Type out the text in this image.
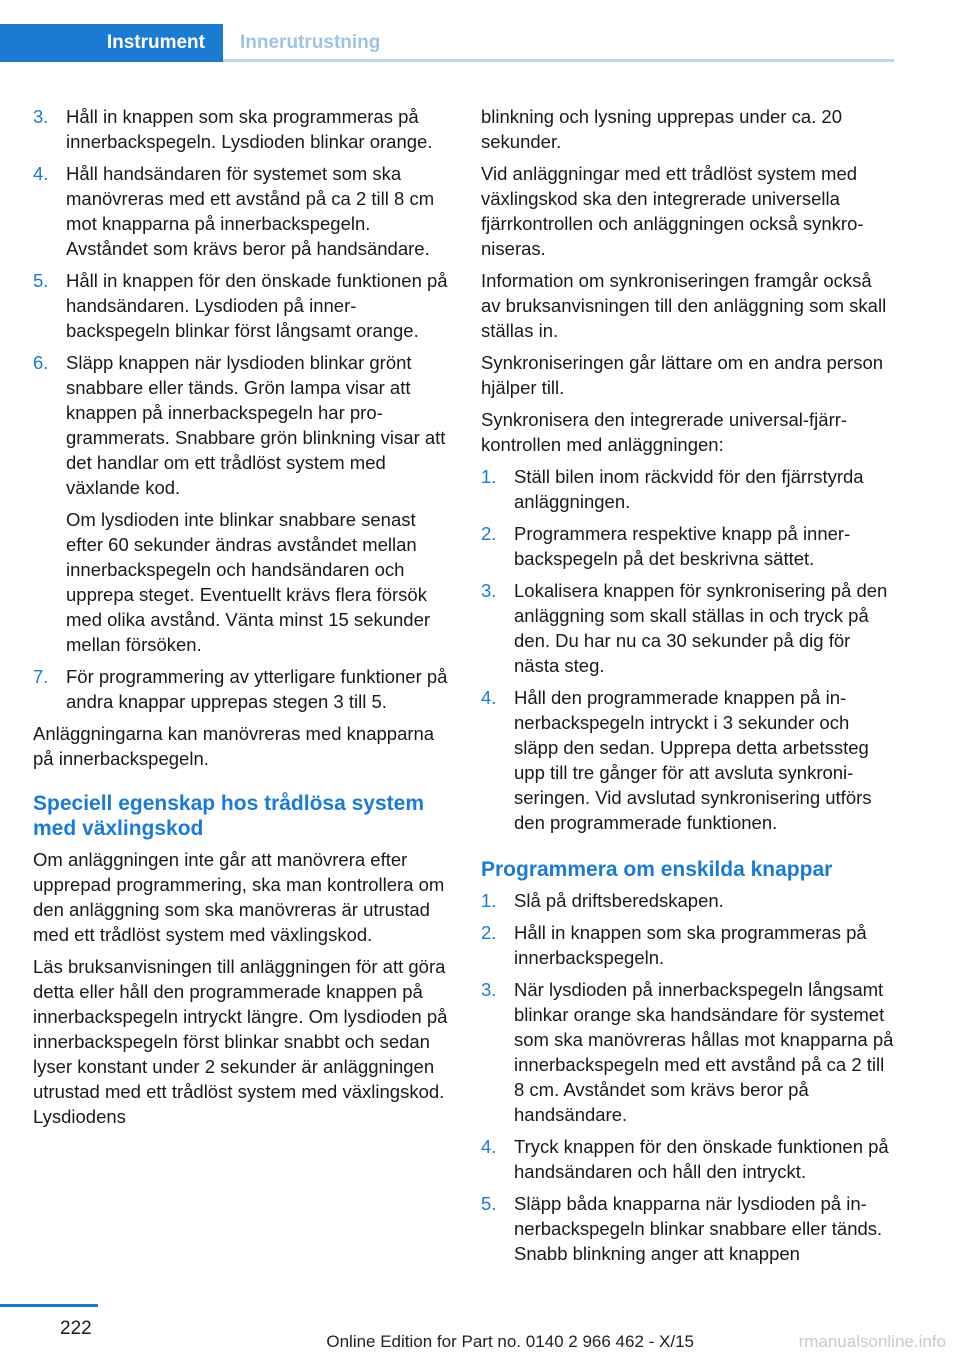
Instrument	Innerutrustning
3. Håll in knappen som ska programmeras på innerbackspegeln. Lysdioden blinkar orange.

4. Håll handsändaren för systemet som ska manövreras med ett avstånd på ca 2 till 8 cm mot knapparna på innerbackspegeln. Avståndet som krävs beror på handsändare.

5. Håll in knappen för den önskade funktionen på handsändaren. Lysdioden på innerbackspegeln blinkar först långsamt orange.

6. Släpp knappen när lysdioden blinkar grönt snabbare eller tänds. Grön lampa visar att knappen på innerbackspegeln har programmerats. Snabbare grön blinkning visar att det handlar om ett trådlöst system med växlande kod.

Om lysdioden inte blinkar snabbare senast efter 60 sekunder ändras avståndet mellan innerbackspegeln och handsändaren och upprepa steget. Eventuellt krävs flera försök med olika avstånd. Vänta minst 15 sekunder mellan försöken.

7. För programmering av ytterligare funktioner på andra knappar upprepas stegen 3 till 5.

Anläggningarna kan manövreras med knapparna på innerbackspegeln.

Speciell egenskap hos trådlösa system med växlingskod

Om anläggningen inte går att manövrera efter upprepad programmering, ska man kontrollera om den anläggning som ska manövreras är utrustad med ett trådlöst system med växlingskod.

Läs bruksanvisningen till anläggningen för att göra detta eller håll den programmerade knappen på innerbackspegeln intryckt längre. Om lysdioden på innerbackspegeln först blinkar snabbt och sedan lyser konstant under 2 sekunder är anläggningen utrustad med ett trådlöst system med växlingskod. Lysdiodens

blinkning och lysning upprepas under ca. 20 sekunder.

Vid anläggningar med ett trådlöst system med växlingskod ska den integrerade universella fjärrkontrollen och anläggningen också synkroniseras.

Information om synkroniseringen framgår också av bruksanvisningen till den anläggning som skall ställas in.

Synkroniseringen går lättare om en andra person hjälper till.

Synkronisera den integrerade universal-fjärrkontrollen med anläggningen:

1. Ställ bilen inom räckvidd för den fjärrstyrda anläggningen.
2. Programmera respektive knapp på innerbackspegeln på det beskrivna sättet.
3. Lokalisera knappen för synkronisering på den anläggning som skall ställas in och tryck på den. Du har nu ca 30 sekunder på dig för nästa steg.
4. Håll den programmerade knappen på innerbackspegeln intryckt i 3 sekunder och släpp den sedan. Upprepa detta arbetssteg upp till tre gånger för att avsluta synkroniseringen. Vid avslutad synkronisering utförs den programmerade funktionen.
Programmera om enskilda knappar
1. Slå på driftsberedskapen.
2. Håll in knappen som ska programmeras på innerbackspegeln.
3. När lysdioden på innerbackspegeln långsamt blinkar orange ska handsändare för systemet som ska manövreras hållas mot knapparna på innerbackspegeln med ett avstånd på ca 2 till 8 cm. Avståndet som krävs beror på handsändare.
4. Tryck knappen för den önskade funktionen på handsändaren och håll den intryckt.
5. Släpp båda knapparna när lysdioden på innerbackspegeln blinkar snabbare eller tänds. Snabb blinkning anger att knappen
222
Online Edition for Part no. 0140 2 966 462 - X/15	rmanualsonline.info
